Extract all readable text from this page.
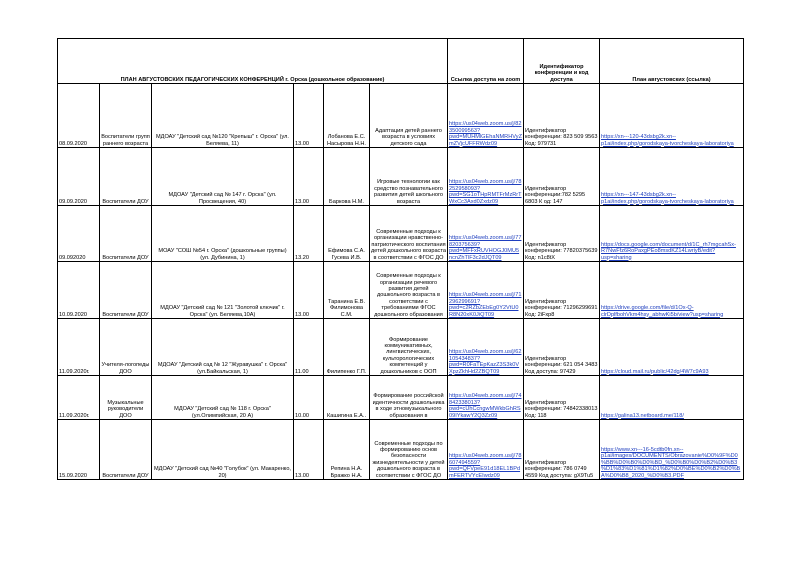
ПЛАН АВГУСТОВСКИХ ПЕДАГОГИЧЕСКИХ КОНФЕРЕНЦИЙ г. Орска (дошкольное образование)						Ссылка доступа на zoom	Идентификатор конференции и код доступа	План августовских (ссылка)
08.09.2020	Воспитатели групп раннего возраста	МДОАУ "Детский сад №120 "Крепыш" г. Орска" (ул. Беляева, 11)	13.00	Лобанова Е.С. Насырова Н.Н.	Адаптация детей раннего возраста в условиях детского сада	https://us04web.zoom.us/j/82350099563?pwd=MUHMlGEhaNMRHVyZmZVjcUFFRWdz09	Идентификатор конференции: 823 509 9563 Код: 979731	https://xn---120-43dsbg2k.xn--p1ai/index.php/gorodskaya-tvorcheskaya-laboratoriya
09.09.2020	Воспитатели ДОУ	МДОАУ "Детский сад № 147 г. Орска" (ул. Просвещения, 40)	13.00	Баркова Н.М.	Игровые технологии как средство познавательного развития детей школьного возраста	https://us04web.zoom.us/j/78252958093?pwd=SG1oTHpRMTFrMzRrTWxCc3Axd0Zxdz09	Идентификатор конференции:782 5295 6803 К од: 147	https://xn---147-43dsbg2k.xn--p1ai/index.php/gorodskaya-tvorcheskaya-laboratoriya
09.092020	Воспитатели ДОУ	МОАУ "СОШ №54 г. Орска" (дошкольные группы) (ул. Дубинина, 1)	13.20	Ефимова С.А. Гусева И.В.	Современные подходы к организации нравственно-патриотического воспитания детей дошкольного возраста в соответствии с ФГОС ДО	https://us04web.zoom.us/j/77820375639?pwd=MFFxRUVHOGJ0MU5ncnZhTlF3c2dJQT09	Идентификатор конференции: 77820375639 Код: n1c8tX	https://docs.google.com/document/d/1C_rh7mgcahSx-R7NwFfz6RoPaxgPEo8msdKZ14LwriyB/edit?usp=sharing
10.09.2020	Воспитатели ДОУ	МДОАУ "Детский сад № 121 "Золотой ключик" г. Орска" (ул. Беляева,10А)	13.00	Таранина Е.В. Филимонова С.М.	Современные подходы к организации речевого развития детей дошкольного возраста в соответствии с требованиями ФГОС дошкольного образования	https://us04web.zoom.us/j/71296299691?pwd=c2RZbZEbEg0Y2VtU0R8N20xK0JiQT09	Идентификатор конференции: 71296299691 Код: 2iFxp8	https://drive.google.com/file/d/1Ox-Q-clrDplfbohVkm4hsy_abhwKi5b/view?usp=sharing
11.09.2020г.	Учителя-логопеды ДОО	МДОАУ "Детский сад № 12 "Журавушка" г. Орска" (ул.Байкальская, 1)	11.00	Филипенко Г.П.	Формирование коммуникативных, лингвистических, культорологических компетенций у дошкольников с ООП	https://us04web.zoom.us/j/62105434837?pwd=R0FaTEpKazZ3S3k0VXpzZkhHd2ZBQT09	Идентификатор конференции: 621 054 3483 Код доступа: 97429	https://cloud.mail.ru/public/42dg/4W7c9A93
11.09.2020г.	Музыкальные руководители ДОО	МДОАУ "Детский сад № 118 г. Орска" (ул.Олимпийская, 20 А)	10.00	Кашигина Е.А..	Формирование российской идентичности дошкольника в ходе этномузыкального образования в	https://us04web.zoom.us/j/74842338013?pwd=cUhCcngwMWkbGhRS09IYkawY2Q3Zz09	Идентификатор конференции: 74842338013 Код: 118	https://galina13.netboard.me/118/
15.09.2020	Воспитатели ДОУ	МДОАУ "Детский сад №40 "Голубок" (ул. Макаренко, 20)	13.00	Репина Н.А. Бражко Н.А.	Современные подходы по формированию основ безопасности жизнедеятельности у детей дошкольного возраста в соответствии с ФГОС ДО	https://us04web.zoom.us/j/78607494559?pwd=QFVpeE91d18EL1BPdmFERTVYcEIwdz09	Идентификатор конференции: 786 0749 4559 Код доступа: gX9Tu5	https://www.xn---16-5cdtb0fn.xn--p1ai/images/DOCUMENTS/Obrazovanie%D0%9F%D0%BB%D0%B0%D0%BD_%D0%B0%D0%B2%D0%B3%D1%83%D1%81%D1%82%D0%BE%D0%B2%D0%BA%D0%B8_2020_%D0%B3.PDF
